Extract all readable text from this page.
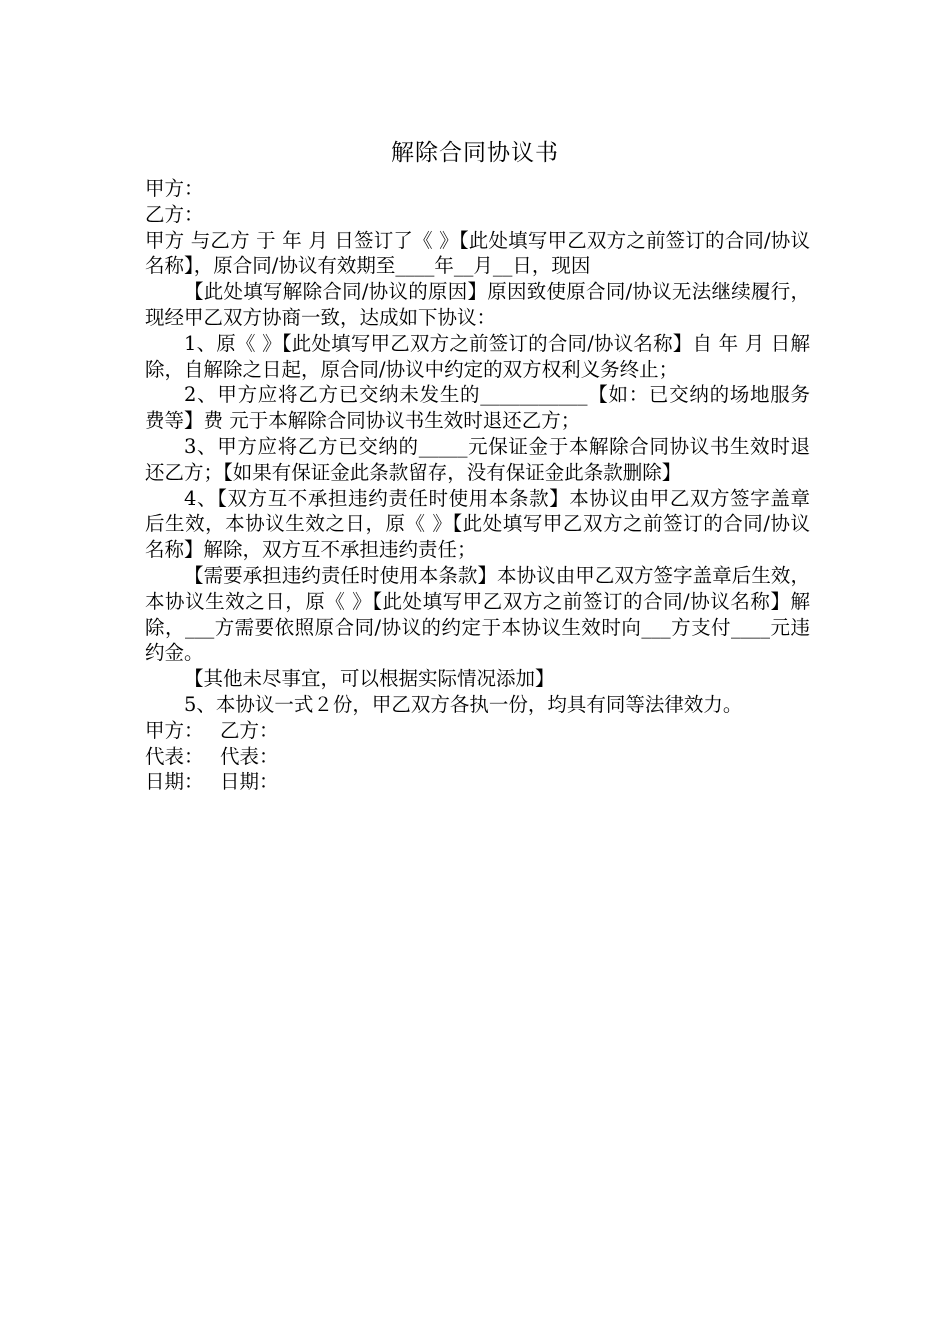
解除合同协议书

甲方：

乙方：

甲方 与乙方 于 年 月 日签订了《 》【此处填写甲乙双方之前签订的合同/协议名称】，原合同/协议有效期至____年__月__日，现因

【此处填写解除合同/协议的原因】原因致使原合同/协议无法继续履行，现经甲乙双方协商一致，达成如下协议：

1、原《 》【此处填写甲乙双方之前签订的合同/协议名称】自 年 月 日解除，自解除之日起，原合同/协议中约定的双方权利义务终止；

2、甲方应将乙方已交纳未发生的___________【如：已交纳的场地服务费等】费 元于本解除合同协议书生效时退还乙方；

3、甲方应将乙方已交纳的_____元保证金于本解除合同协议书生效时退还乙方；【如果有保证金此条款留存，没有保证金此条款删除】

4、【双方互不承担违约责任时使用本条款】本协议由甲乙双方签字盖章后生效，本协议生效之日，原《 》【此处填写甲乙双方之前签订的合同/协议名称】解除，双方互不承担违约责任；

【需要承担违约责任时使用本条款】本协议由甲乙双方签字盖章后生效，本协议生效之日，原《 》【此处填写甲乙双方之前签订的合同/协议名称】解除，___方需要依照原合同/协议的约定于本协议生效时向___方支付____元违约金。

【其他未尽事宜，可以根据实际情况添加】

5、本协议一式２份，甲乙双方各执一份，均具有同等法律效力。

甲方： 乙方：

代表： 代表：

日期： 日期：
